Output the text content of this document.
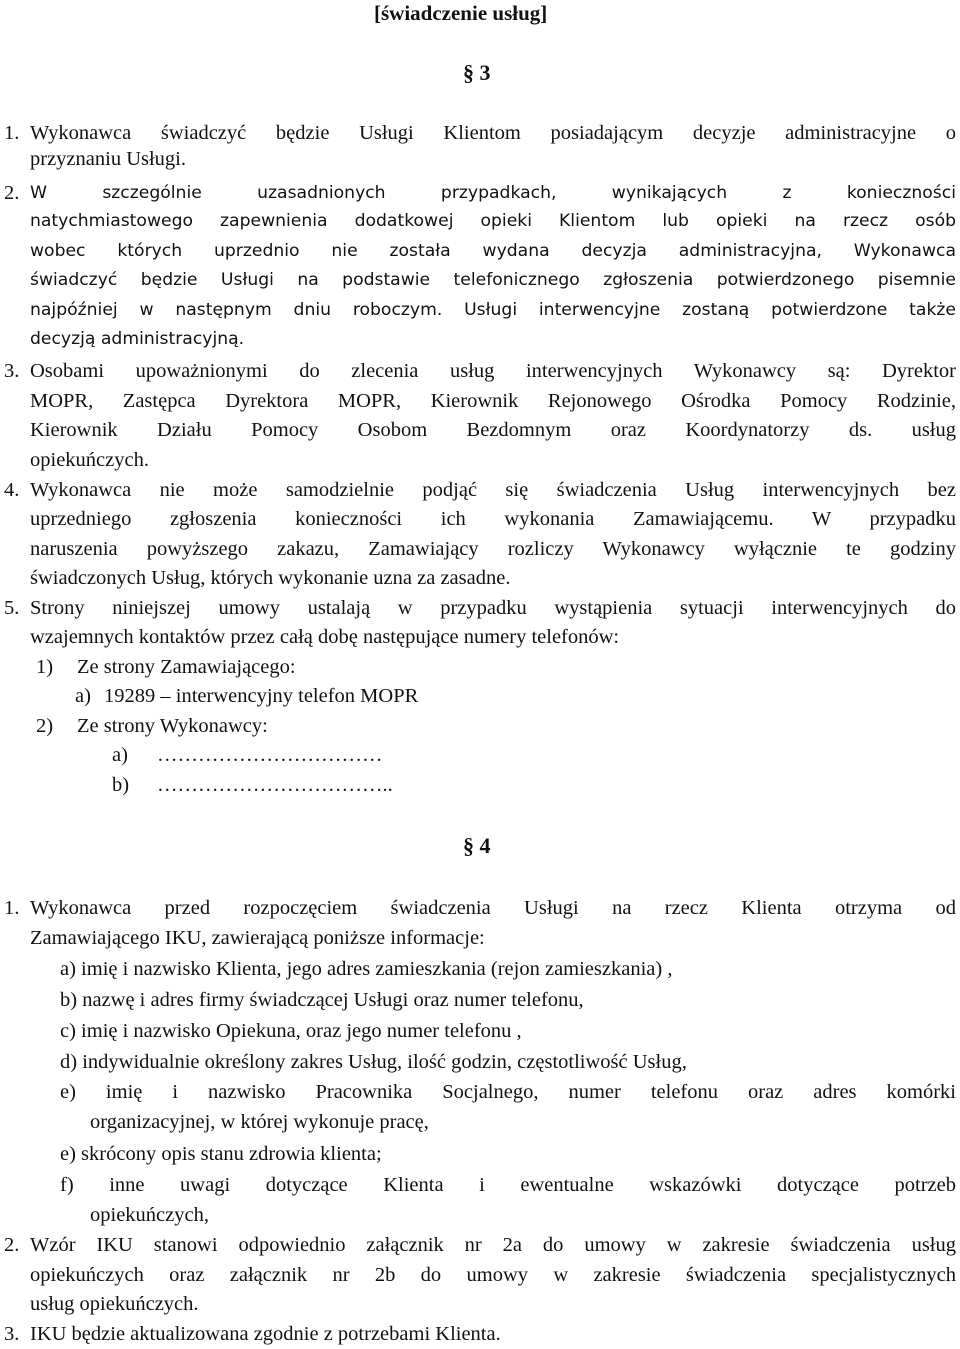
[świadczenie usług]
§ 3
1. Wykonawca świadczyć będzie Usługi Klientom posiadającym decyzje administracyjne o
przyznaniu Usługi.
2. W szczególnie uzasadnionych przypadkach, wynikających z konieczności
natychmiastowego zapewnienia dodatkowej opieki Klientom lub opieki na rzecz osób
wobec których uprzednio nie została wydana decyzja administracyjna, Wykonawca
świadczyć będzie Usługi na podstawie telefonicznego zgłoszenia potwierdzonego pisemnie
najpóźniej w następnym dniu roboczym. Usługi interwencyjne zostaną potwierdzone także
decyzją administracyjną.
3. Osobami upoważnionymi do zlecenia usług interwencyjnych Wykonawcy są: Dyrektor
MOPR, Zastępca Dyrektora MOPR, Kierownik Rejonowego Ośrodka Pomocy Rodzinie,
Kierownik Działu Pomocy Osobom Bezdomnym oraz Koordynatorzy ds. usług
opiekuńczych.
4. Wykonawca nie może samodzielnie podjąć się świadczenia Usług interwencyjnych bez
uprzedniego zgłoszenia konieczności ich wykonania Zamawiającemu. W przypadku
naruszenia powyższego zakazu, Zamawiający rozliczy Wykonawcy wyłącznie te godziny
świadczonych Usług, których wykonanie uzna za zasadne.
5. Strony niniejszej umowy ustalają w przypadku wystąpienia sytuacji interwencyjnych do
wzajemnych kontaktów przez całą dobę następujące numery telefonów:
1) Ze strony Zamawiającego:
a) 19289 – interwencyjny telefon MOPR
2) Ze strony Wykonawcy:
a) ……………………………
b) ……………………………..
§ 4
1. Wykonawca przed rozpoczęciem świadczenia Usługi na rzecz Klienta otrzyma od
Zamawiającego IKU, zawierającą poniższe informacje:
a) imię i nazwisko Klienta, jego adres zamieszkania (rejon zamieszkania) ,
b) nazwę i adres firmy świadczącej Usługi oraz numer telefonu,
c) imię i nazwisko Opiekuna, oraz jego numer telefonu ,
d) indywidualnie określony zakres Usług, ilość godzin, częstotliwość Usług,
e) imię i nazwisko Pracownika Socjalnego, numer telefonu oraz adres komórki
organizacyjnej, w której wykonuje pracę,
e) skrócony opis stanu zdrowia klienta;
f) inne uwagi dotyczące Klienta i ewentualne wskazówki dotyczące potrzeb
opiekuńczych,
2. Wzór IKU stanowi odpowiednio załącznik nr 2a do umowy w zakresie świadczenia usług
opiekuńczych oraz załącznik nr 2b do umowy w zakresie świadczenia specjalistycznych
usług opiekuńczych.
3. IKU będzie aktualizowana zgodnie z potrzebami Klienta.
